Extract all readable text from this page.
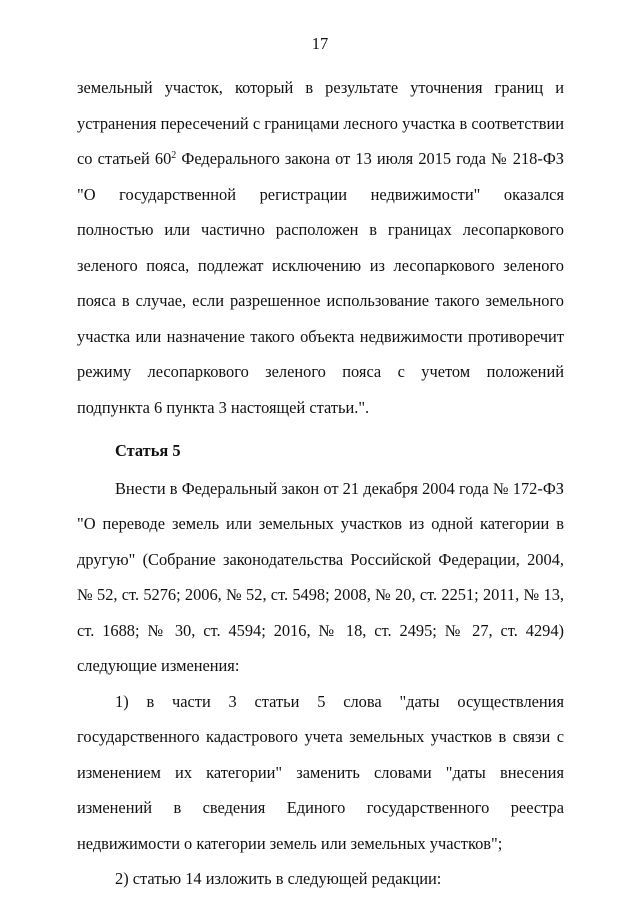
17

земельный участок, который в результате уточнения границ и устранения пересечений с границами лесного участка в соответствии со статьей $60^2$ Федерального закона от 13 июля 2015 года № 218-ФЗ "О государственной регистрации недвижимости" оказался полностью или частично расположен в границах лесопаркового зеленого пояса, подлежат исключению из лесопаркового зеленого пояса в случае, если разрешенное использование такого земельного участка или назначение такого объекта недвижимости противоречит режиму лесопаркового зеленого пояса с учетом положений подпункта 6 пункта 3 настоящей статьи.".

Статья 5

Внести в Федеральный закон от 21 декабря 2004 года № 172-ФЗ "О переводе земель или земельных участков из одной категории в другую" (Собрание законодательства Российской Федерации, 2004, № 52, ст. 5276; 2006, № 52, ст. 5498; 2008, № 20, ст. 2251; 2011, № 13, ст. 1688; № 30, ст. 4594; 2016, № 18, ст. 2495; № 27, ст. 4294) следующие изменения:

1) в части 3 статьи 5 слова "даты осуществления государственного кадастрового учета земельных участков в связи с изменением их категории" заменить словами "даты внесения изменений в сведения Единого государственного реестра недвижимости о категории земель или земельных участков";

2) статью 14 изложить в следующей редакции:
